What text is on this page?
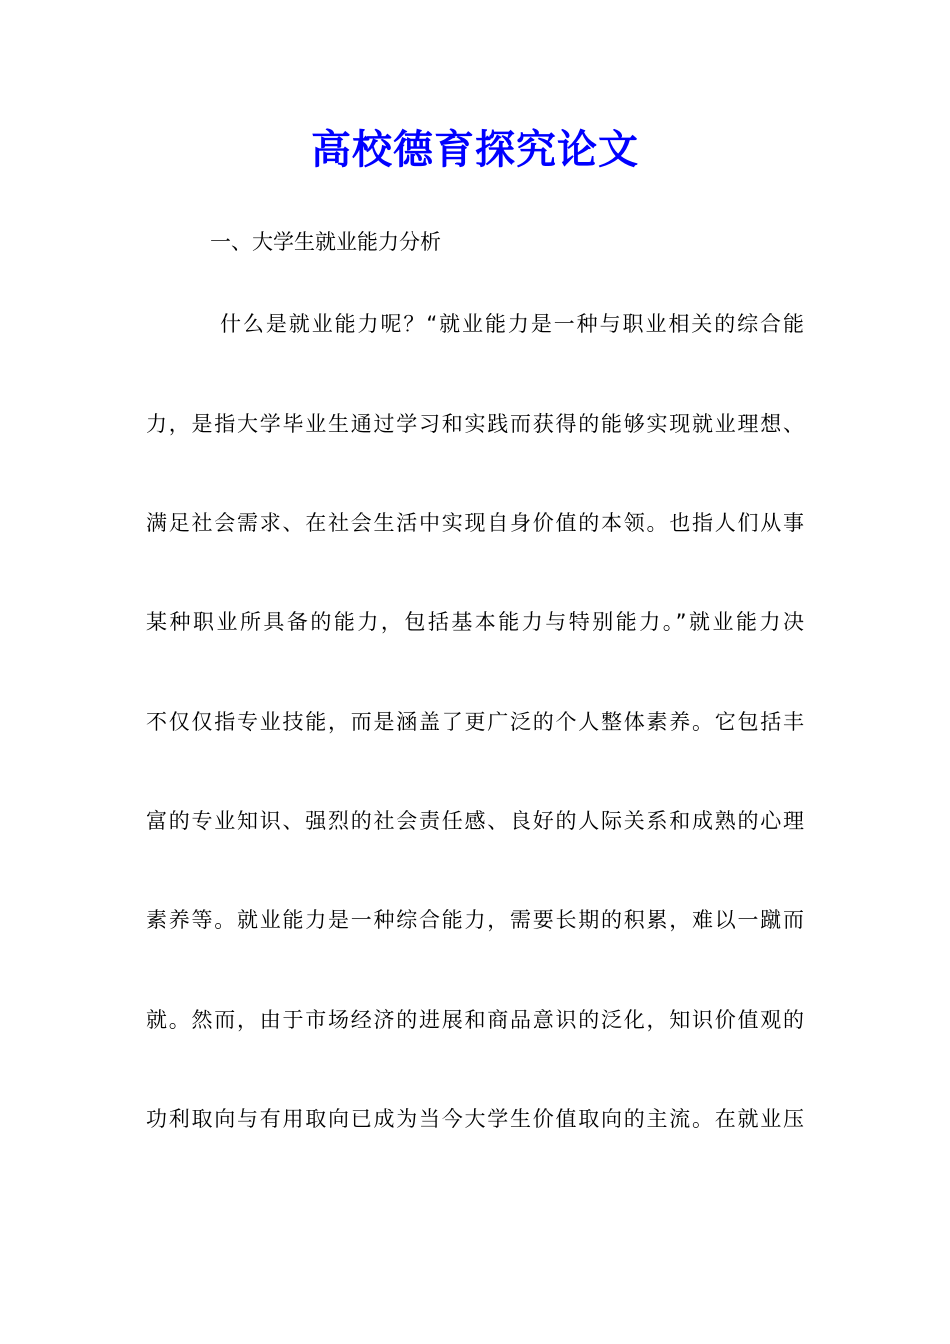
高校德育探究论文
一、大学生就业能力分析
什么是就业能力呢？“就业能力是一种与职业相关的综合能
力，是指大学毕业生通过学习和实践而获得的能够实现就业理想、
满足社会需求、在社会生活中实现自身价值的本领。也指人们从事
某种职业所具备的能力，包括基本能力与特别能力。”就业能力决
不仅仅指专业技能，而是涵盖了更广泛的个人整体素养。它包括丰
富的专业知识、强烈的社会责任感、良好的人际关系和成熟的心理
素养等。就业能力是一种综合能力，需要长期的积累，难以一蹴而
就。然而，由于市场经济的进展和商品意识的泛化，知识价值观的
功利取向与有用取向已成为当今大学生价值取向的主流。在就业压
